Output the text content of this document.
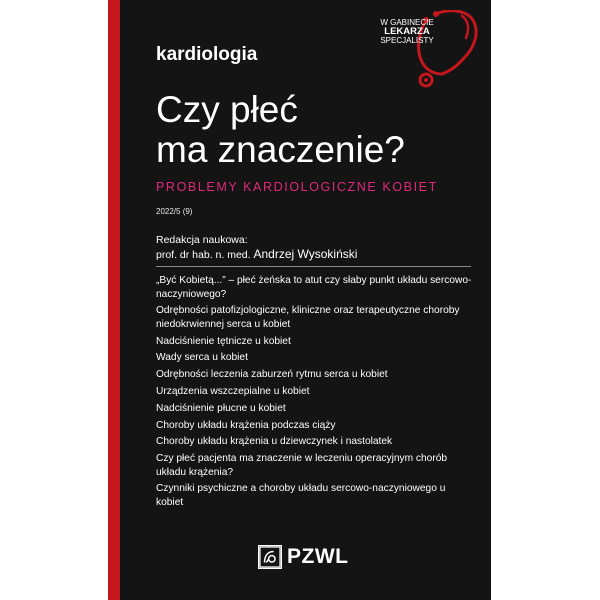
W GABINECIE
LEKARZA
SPECJALISTY
kardiologia
Czy płeć
ma znaczenie?
PROBLEMY KARDIOLOGICZNE KOBIET
2022/5 (9)
Redakcja naukowa:
prof. dr hab. n. med. Andrzej Wysokiński
„Być Kobietą...” – płeć żeńska to atut czy słaby punkt układu sercowo-naczyniowego?
Odrębności patofizjologiczne, kliniczne oraz terapeutyczne choroby niedokrwiennej serca u kobiet
Nadciśnienie tętnicze u kobiet
Wady serca u kobiet
Odrębności leczenia zaburzeń rytmu serca u kobiet
Urządzenia wszczepialne u kobiet
Nadciśnienie płucne u kobiet
Choroby układu krążenia podczas ciąży
Choroby układu krążenia u dziewczynek i nastolatek
Czy płeć pacjenta ma znaczenie w leczeniu operacyjnym chorób układu krążenia?
Czynniki psychiczne a choroby układu sercowo-naczyniowego u kobiet
PZWL
